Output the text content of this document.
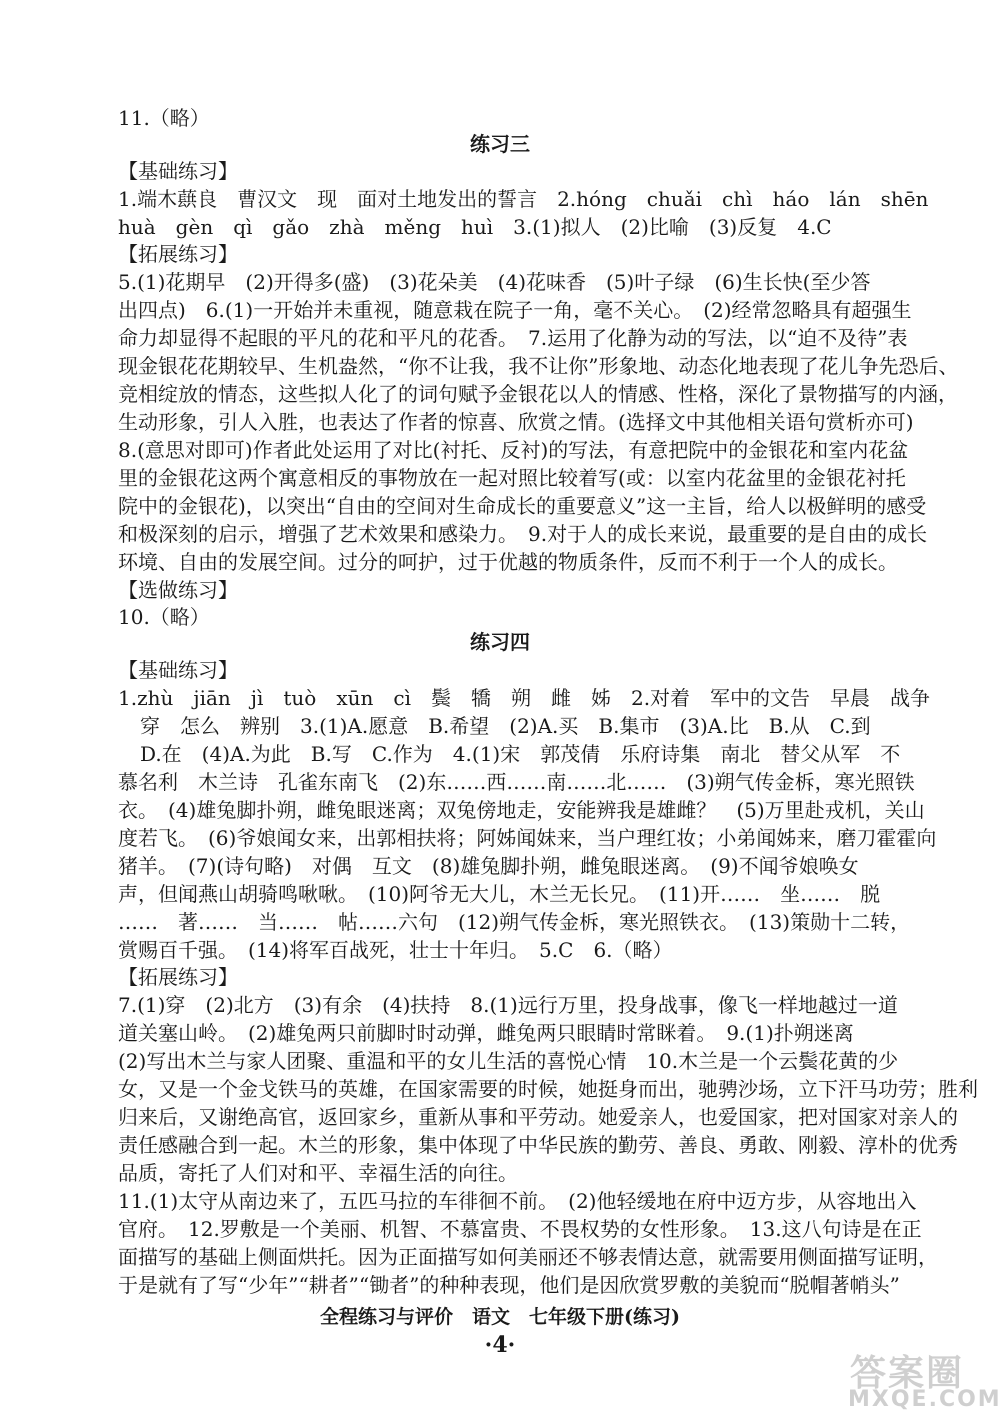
11.（略）
练习三
【基础练习】
1.端木蕻良　曹汉文　现　面对土地发出的誓言　2.hóng　chuǎi　chì　háo　lán　shēn
huà　gèn　qì　gǎo　zhà　měng　huì　3.(1)拟人　(2)比喻　(3)反复　4.C
【拓展练习】
5.(1)花期早　(2)开得多(盛)　(3)花朵美　(4)花味香　(5)叶子绿　(6)生长快(至少答
出四点)　6.(1)一开始并未重视，随意栽在院子一角，毫不关心。　(2)经常忽略具有超强生
命力却显得不起眼的平凡的花和平凡的花香。　7.运用了化静为动的写法，以“迫不及待”表
现金银花花期较早、生机盎然，“你不让我，我不让你”形象地、动态化地表现了花儿争先恐后、
竞相绽放的情态，这些拟人化了的词句赋予金银花以人的情感、性格，深化了景物描写的内涵，
生动形象，引人入胜，也表达了作者的惊喜、欣赏之情。(选择文中其他相关语句赏析亦可)
8.(意思对即可)作者此处运用了对比(衬托、反衬)的写法，有意把院中的金银花和室内花盆
里的金银花这两个寓意相反的事物放在一起对照比较着写(或：以室内花盆里的金银花衬托
院中的金银花)，以突出“自由的空间对生命成长的重要意义”这一主旨，给人以极鲜明的感受
和极深刻的启示，增强了艺术效果和感染力。　9.对于人的成长来说，最重要的是自由的成长
环境、自由的发展空间。过分的呵护，过于优越的物质条件，反而不利于一个人的成长。
【选做练习】
10.（略）
练习四
【基础练习】
1.zhù　jiān　jì　tuò　xūn　cì　鬓　犞　朔　雌　姊　2.对着　军中的文告　早晨　战争
穿　怎么　辨别　3.(1)A.愿意　B.希望　(2)A.买　B.集市　(3)A.比　B.从　C.到
D.在　(4)A.为此　B.写　C.作为　4.(1)宋　郭茂倩　乐府诗集　南北　替父从军　不
慕名利　木兰诗　孔雀东南飞　(2)东……西……南……北……　(3)朔气传金柝，寒光照铁
衣。　(4)雄兔脚扑朔，雌兔眼迷离；双兔傍地走，安能辨我是雄雌？　(5)万里赴戎机，关山
度若飞。　(6)爷娘闻女来，出郭相扶将；阿姊闻妹来，当户理红妆；小弟闻姊来，磨刀霍霍向
猪羊。　(7)(诗句略)　对偶　互文　(8)雄兔脚扑朔，雌兔眼迷离。　(9)不闻爷娘唤女
声，但闻燕山胡骑鸣啾啾。　(10)阿爷无大儿，木兰无长兄。　(11)开……　坐……　脱
……　著……　当……　帖……六句　(12)朔气传金柝，寒光照铁衣。　(13)策勋十二转，
赏赐百千强。　(14)将军百战死，壮士十年归。　5.C　6.（略）
【拓展练习】
7.(1)穿　(2)北方　(3)有余　(4)扶持　8.(1)远行万里，投身战事，像飞一样地越过一道
道关塞山岭。　(2)雄兔两只前脚时时动弹，雌兔两只眼睛时常眯着。　9.(1)扑朔迷离
(2)写出木兰与家人团聚、重温和平的女儿生活的喜悦心情　10.木兰是一个云鬓花黄的少
女，又是一个金戈铁马的英雄，在国家需要的时候，她挺身而出，驰骋沙场，立下汗马功劳；胜利
归来后，又谢绝高官，返回家乡，重新从事和平劳动。她爱亲人，也爱国家，把对国家对亲人的
责任感融合到一起。木兰的形象，集中体现了中华民族的勤劳、善良、勇敢、刚毅、淳朴的优秀
品质，寄托了人们对和平、幸福生活的向往。
11.(1)太守从南边来了，五匹马拉的车徘徊不前。　(2)他轻缓地在府中迈方步，从容地出入
官府。　12.罗敷是一个美丽、机智、不慕富贵、不畏权势的女性形象。　13.这八句诗是在正
面描写的基础上侧面烘托。因为正面描写如何美丽还不够表情达意，就需要用侧面描写证明，
于是就有了写“少年”“耕者”“锄者”的种种表现，他们是因欣赏罗敷的美貌而“脱帽著帩头”
全程练习与评价　语文　七年级下册(练习)
·4·
答案圈
MXQE.COM
